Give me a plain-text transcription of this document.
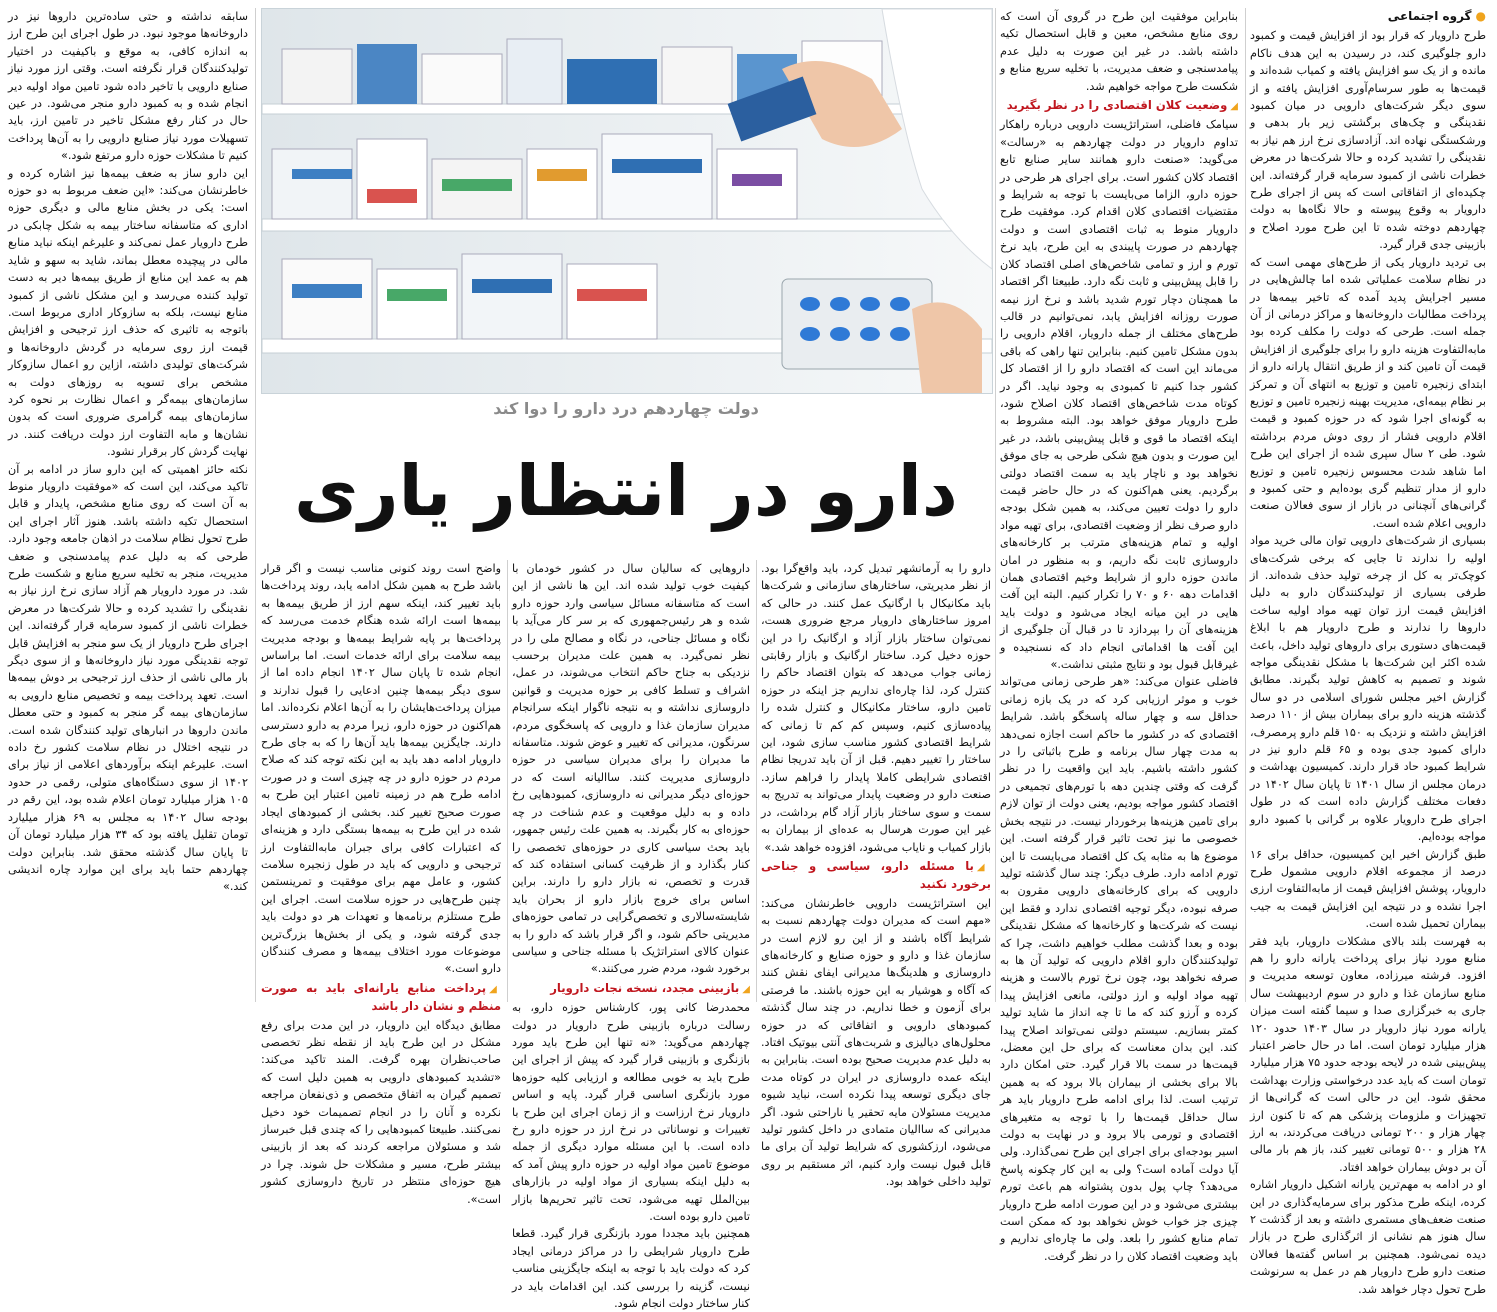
●گروه اجتماعی

طرح دارویار که قرار بود از افزایش قیمت و کمبود دارو جلوگیری کند، در رسیدن به این هدف ناکام مانده و از یک سو افزایش یافته و کمیاب شده‌اند و قیمت‌ها به طور سرسام‌آوری افزایش یافته و از سوی دیگر شرکت‌های دارویی در میان کمبود نقدینگی و چک‌های برگشتی زیر بار بدهی و ورشکستگی نهاده اند. آزادسازی نرخ ارز هم نیاز به نقدینگی را تشدید کرده و حالا شرکت‌ها در معرض خطرات ناشی از کمبود سرمایه قرار گرفته‌اند. این چکیده‌ای از اتفاقاتی است که پس از اجرای طرح دارویار به وقوع پیوسته و حالا نگاه‌ها به دولت چهاردهم دوخته شده تا این طرح مورد اصلاح و بازبینی جدی قرار گیرد.

بی تردید دارویار یکی از طرح‌های مهمی است که در نظام سلامت عملیاتی شده اما چالش‌هایی در مسیر اجرایش پدید آمده که تاخیر بیمه‌ها در پرداخت مطالبات داروخانه‌ها و مراکز درمانی از آن جمله است. طرحی که دولت را مکلف کرده بود مابه‌التفاوت هزینه دارو را برای جلوگیری از افزایش قیمت آن تامین کند و از طریق انتقال یارانه دارو از ابتدای زنجیره تامین و توزیع به انتهای آن و تمرکز بر نظام بیمه‌ای، مدیریت بهینه زنجیره تامین و توزیع به گونه‌ای اجرا شود که در حوزه کمبود و قیمت اقلام دارویی فشار از روی دوش مردم برداشته شود. طی ۲ سال سپری شده از اجرای این طرح اما شاهد شدت محسوس زنجیره تامین و توزیع دارو از مدار تنظیم گری بوده‌ایم و حتی کمبود و گرانی‌های آنچنانی در بازار از سوی فعالان صنعت دارویی اعلام شده است.

بسیاری از شرکت‌های دارویی توان مالی خرید مواد اولیه را ندارند تا جایی که برخی شرکت‌های کوچک‌تر به کل از چرخه تولید حذف شده‌اند. از طرفی بسیاری از تولیدکنندگان دارو به دلیل افزایش قیمت ارز توان تهیه مواد اولیه ساخت داروها را ندارند و طرح دارویار هم با ابلاغ قیمت‌های دستوری برای داروهای تولید داخل، باعث شده اکثر این شرکت‌ها با مشکل نقدینگی مواجه شوند و تصمیم به کاهش تولید بگیرند. مطابق گزارش اخیر مجلس شورای اسلامی در دو سال گذشته هزینه دارو برای بیماران بیش از ۱۱۰ درصد افزایش داشته و نزدیک به ۱۵۰ قلم دارو پرمصرف، دارای کمبود جدی بوده و ۶۵ قلم دارو نیز در شرایط کمبود حاد قرار دارند. کمیسیون بهداشت و درمان مجلس از سال ۱۴۰۱ تا پایان سال ۱۴۰۲ در دفعات مختلف گزارش داده است که در طول اجرای طرح دارویار علاوه بر گرانی با کمبود دارو مواجه بوده‌ایم.

طبق گزارش اخیر این کمیسیون، حداقل برای ۱۶ درصد از مجموعه اقلام دارویی مشمول طرح دارویار، پوشش افزایش قیمت از مابه‌التفاوت ارزی اجرا نشده و در نتیجه این افزایش قیمت به جیب بیماران تحمیل شده است.

به فهرست بلند بالای مشکلات دارویار، باید فقر منابع مورد نیاز برای پرداخت یارانه دارو را هم افزود. فرشته میرزاده، معاون توسعه مدیریت و منابع سازمان غذا و دارو در سوم اردیبهشت سال جاری به خبرگزاری صدا و سیما گفته است میزان یارانه مورد نیاز دارویار در سال ۱۴۰۳ حدود ۱۲۰ هزار میلیارد تومان است. اما در حال حاضر اعتبار پیش‌بینی شده در لایحه بودجه حدود ۷۵ هزار میلیارد تومان است که باید عدد درخواستی وزارت بهداشت محقق شود. این در حالی است که گرانی‌ها از تجهیزات و ملزومات پزشکی هم که تا کنون ارز چهار هزار و ۲۰۰ تومانی دریافت می‌کردند، به ارز ۲۸ هزار و ۵۰۰ تومانی تغییر کند، باز هم بار مالی آن بر دوش بیماران خواهد افتاد.

او در ادامه به مهم‌ترین یارانه اشکیل دارویار اشاره کرده، اینکه طرح مذکور برای سرمایه‌گذاری در این صنعت ضعف‌های مستمری داشته و بعد از گذشت ۲ سال هنوز هم نشانی از اثرگذاری طرح در بازار دیده نمی‌شود. همچنین بر اساس گفته‌ها فعالان صنعت دارو طرح دارویار هم در عمل به سرنوشت طرح تحول دچار خواهد شد.

بنابراین موفقیت این طرح در گروی آن است که روی منابع مشخص، معین و قابل استحصال تکیه داشته باشد. در غیر این صورت به دلیل عدم پیامدسنجی و ضعف مدیریت، با تخلیه سریع منابع و شکست طرح مواجه خواهیم شد.

◢وضعیت کلان اقتصادی را در نظر بگیرید

سیامک فاضلی، استراتژیست دارویی درباره راهکار تداوم دارویار در دولت چهاردهم به «رسالت» می‌گوید: «صنعت دارو همانند سایر صنایع تابع اقتصاد کلان کشور است. برای اجرای هر طرحی در حوزه دارو، الزاما می‌بایست با توجه به شرایط و مقتضیات اقتصادی کلان اقدام کرد. موفقیت طرح دارویار منوط به ثبات اقتصادی است و دولت چهاردهم در صورت پایبندی به این طرح، باید نرخ تورم و ارز و تمامی شاخص‌های اصلی اقتصاد کلان را قابل پیش‌بینی و ثابت نگه دارد. طبیعتا اگر اقتصاد ما همچنان دچار تورم شدید باشد و نرخ ارز نیمه صورت روزانه افزایش یابد، نمی‌توانیم در قالب طرح‌های مختلف از جمله دارویار، اقلام دارویی را بدون مشکل تامین کنیم. بنابراین تنها راهی که باقی می‌ماند این است که اقتصاد دارو را از اقتصاد کل کشور جدا کنیم تا کمبودی به وجود نیاید. اگر در کوتاه مدت شاخص‌های اقتصاد کلان اصلاح شود، طرح دارویار موفق خواهد بود. البته مشروط به اینکه اقتصاد ما قوی و قابل پیش‌بینی باشد، در غیر این صورت و بدون هیچ شکی طرحی به جای موفق نخواهد بود و ناچار باید به سمت اقتصاد دولتی برگردیم. یعنی هم‌اکنون که در حال حاضر قیمت دارو را دولت تعیین می‌کند، به همین شکل بودجه دارو صرف نظر از وضعیت اقتصادی، برای تهیه مواد اولیه و تمام هزینه‌های مترتب بر کارخانه‌های داروسازی ثابت نگه داریم، و به منظور در امان ماندن حوزه دارو از شرایط وخیم اقتصادی همان اقدامات دهه ۶۰ و ۷۰ را تکرار کنیم. البته این آفت هایی در این میانه ایجاد می‌شود و دولت باید هزینه‌های آن را بپردازد تا در قبال آن جلوگیری از این آفت ها اقداماتی انجام داد که نسنجیده و غیرقابل قبول بود و نتایج مثبتی نداشت.»

فاضلی عنوان می‌کند: «هر طرحی زمانی می‌تواند خوب و موثر ارزیابی کرد که در یک بازه زمانی حداقل سه و چهار ساله پاسخگو باشد. شرایط اقتصادی که در کشور ما حاکم است اجازه نمی‌دهد به مدت چهار سال برنامه و طرح باثباتی را در کشور داشته باشیم. باید این واقعیت را در نظر گرفت که وقتی چندین دهه با تورم‌های تجمیعی در اقتصاد کشور مواجه بودیم، یعنی دولت از توان لازم برای تامین هزینه‌ها برخوردار نیست. در نتیجه بخش خصوصی ما نیز تحت تاثیر قرار گرفته است. این موضوع ها به مثابه یک کل اقتصاد می‌بایست تا این تورم ادامه دارد. طرف دیگر: چند سال گذشته تولید دارویی که برای کارخانه‌های دارویی مقرون به صرفه نبوده، دیگر توجیه اقتصادی ندارد و فقط این نیست که شرکت‌ها و کارخانه‌ها که مشکل نقدینگی بوده و بعدا گذشت مطلب خواهیم داشت، چرا که تولیدکنندگان دارو اقلام دارویی که تولید آن ها به صرفه نخواهد بود، چون نرخ تورم بالاست و هزینه تهیه مواد اولیه و ارز دولتی، مانعی افزایش پیدا کرده و آرزو کند که ما تا چه انداز ما شاید تولید کمتر بسازیم. سیستم دولتی نمی‌تواند اصلاح پیدا کند. این بدان معناست که برای حل این معضل، قیمت‌ها در سمت بالا قرار گیرد. حتی امکان دارد بالا برای بخشی از بیماران بالا برود که به همین ترتیب است. لذا برای ادامه طرح دارویار باید هر سال حداقل قیمت‌ها را با توجه به متغیرهای اقتصادی و تورمی بالا برود و در نهایت به دولت اسیر بودجه‌ای برای اجرای این طرح نمی‌گذارد. ولی آیا دولت آماده است؟ ولی به این کار چکونه پاسخ می‌دهد؟ چاپ پول بدون پشتوانه هم باعث تورم بیشتری می‌شود و در این صورت ادامه طرح دارویار چیزی جز خواب خوش نخواهد بود که ممکن است تمام منابع کشور را بلعد. ولی ما چاره‌ای نداریم و باید وضعیت اقتصاد کلان را در نظر گرفت.

دولت چهاردهم درد دارو را دوا کند
دارو در انتظار یاری

دارو را به آرمانشهر تبدیل کرد، باید واقع‌گرا بود. از نظر مدیریتی، ساختارهای سازمانی و شرکت‌ها باید مکانیکال با ارگانیک عمل کنند. در حالی که امروز ساختارهای دارویار مرجع ضروری هست، نمی‌توان ساختار بازار آزاد و ارگانیک را در این حوزه دخیل کرد. ساختار ارگانیک و بازار رقابتی زمانی جواب می‌دهد که بتوان اقتصاد حاکم را کنترل کرد، لذا چاره‌ای نداریم جز اینکه در حوزه تامین دارو، ساختار مکانیکال و کنترل شده را پیاده‌سازی کنیم، وسپس کم کم تا زمانی که شرایط اقتصادی کشور مناسب سازی شود، این ساختار را تغییر دهیم. قبل از آن باید تدریجا نظام اقتصادی شرایطی کاملا پایدار را فراهم سازد. صنعت دارو در وضعیت پایدار می‌تواند به تدریج به سمت و سوی ساختار بازار آزاد گام برداشت، در غیر این صورت هرسال به عده‌ای از بیماران به بازار کمیاب و نایاب می‌شود، افزوده خواهد شد.»

◢با مسئله دارو، سیاسی و جناحی برخورد نکنید

این استراتژیست دارویی خاطرنشان می‌کند: «مهم است که مدیران دولت چهاردهم نسبت به شرایط آگاه باشند و از این رو لازم است در سازمان غذا و دارو و حوزه صنایع و کارخانه‌های داروسازی و هلدینگ‌ها مدیرانی ایفای نقش کنند که آگاه و هوشیار به این حوزه باشند. ما فرصتی برای آزمون و خطا نداریم. در چند سال گذشته کمبودهای دارویی و اتفاقاتی که در حوزه محلول‌های دیالیزی و شربت‌های آنتی بیوتیک افتاد. به دلیل عدم مدیریت صحیح بوده است. بنابراین به اینکه عمده داروسازی در ایران در کوتاه مدت جای دیگری توسعه پیدا نکرده است، نباید شیوه مدیریت مسئولان مایه تحقیر یا ناراحتی شود. اگر مدیرانی که ساالیان متمادی در داخل کشور تولید می‌شود، ارزکشوری که شرایط تولید آن برای ما قابل قبول نیست وارد کنیم، اثر مستقیم بر روی تولید داخلی خواهد بود.

داروهایی که سالیان سال در کشور خودمان با کیفیت خوب تولید شده اند. این ها ناشی از این است که متاسفانه مسائل سیاسی وارد حوزه دارو شده و هر رئیس‌جمهوری که بر سر کار می‌آید با نگاه و مسائل جناحی، در نگاه و مصالح ملی را در نظر نمی‌گیرد. به همین علت مدیران برحسب نزدیکی به جناح حاکم انتخاب می‌شوند، در عمل، اشراف و تسلط کافی بر حوزه مدیریت و قوانین داروسازی نداشته و به نتیجه ناگوار اینکه سرانجام مدیران سازمان غذا و دارویی که پاسخگوی مردم، سرنگون، مدیرانی که تغییر و عوض شوند. متاسفانه ما مدیران را برای مدیران سیاسی در حوزه داروسازی مدیریت کنند. ساالیانه است که در حوزه‌ای دیگر مدیرانی نه داروسازی، کمبودهایی رخ داده و به دلیل موقعیت و عدم شناخت در چه حوزه‌ای به کار بگیرند. به همین علت رئیس جمهور، باید بحث سیاسی کاری در حوزه‌های تخصصی را کنار بگذارد و از ظرفیت کسانی استفاده کند که قدرت و تخصص، نه بازار دارو را دارند. براین اساس برای خروج بازار دارو از بحران باید شایسته‌سالاری و تخصص‌گرایی در تمامی حوزه‌های مدیریتی حاکم شود، و اگر قرار باشد که دارو را به عنوان کالای استراتژیک با مسئله جناحی و سیاسی برخورد شود، مردم ضرر می‌کنند.»

◢بازبینی مجدد، نسخه نجات دارویار

محمدرضا کانی پور، کارشناس حوزه دارو، به رسالت درباره بازبینی طرح دارویار در دولت چهاردهم می‌گوید: «نه تنها این طرح باید مورد بازنگری و بازبینی قرار گیرد که پیش از اجرای این طرح باید به خوبی مطالعه و ارزیابی کلیه حوزه‌ها مورد بازنگری اساسی قرار گیرد. پایه و اساس دارویار نرخ ارزاست و از زمان اجرای این طرح با تغییرات و نوساناتی در نرخ ارز در حوزه دارو رخ داده است. با این مسئله موارد دیگری از جمله موضوع تامین مواد اولیه در حوزه دارو پیش آمد که به دلیل اینکه بسیاری از مواد اولیه در بازارهای بین‌الملل تهیه می‌شود، تحت تاثیر تحریم‌ها بازار تامین دارو بوده است.

همچنین باید مجددا مورد بازنگری قرار گیرد. قطعا طرح دارویار شرایطی را در مراکز درمانی ایجاد کرد که دولت باید با توجه به اینکه جایگزینی مناسب نیست، گزینه را بررسی کند. این اقدامات باید در کنار ساختار دولت انجام شود.

واضح است روند کنونی مناسب نیست و اگر قرار باشد طرح به همین شکل ادامه یابد، روند پرداخت‌ها باید تغییر کند، اینکه سهم ارز از طریق بیمه‌ها به بیمه‌ها است ارائه شده هنگام خدمت می‌رسد که پرداخت‌ها بر پایه شرایط بیمه‌ها و بودجه مدیریت بیمه سلامت برای ارائه خدمات است. اما براساس انجام شده تا پایان سال ۱۴۰۲ انجام داده اما از سوی دیگر بیمه‌ها چنین ادعایی را قبول ندارند و میزان پرداخت‌هایشان را به آن‌ها اعلام نکرده‌اند. اما هم‌اکنون در حوزه دارو، زیرا مردم به دارو دسترسی دارند. جایگزین بیمه‌ها باید آن‌ها را که به جای طرح دارویار ادامه دهد باید به این نکته توجه کند که صلاح مردم در حوزه دارو در چه چیزی است و در صورت ادامه طرح هم در زمینه تامین اعتبار این طرح به صورت صحیح تغییر کند. بخشی از کمبودهای ایجاد شده در این طرح به بیمه‌ها بستگی دارد و هزینه‌ای که اعتبارات کافی برای جبران مابه‌التفاوت ارز ترجیحی و دارویی که باید در طول زنجیره سلامت کشور، و عامل مهم برای موفقیت و تمرینستمن چنین طرح‌هایی در حوزه سلامت است. اجرای این طرح مستلزم برنامه‌ها و تعهدات هر دو دولت باید جدی گرفته شود، و یکی از بخش‌ها بزرگ‌ترین موضوعات مورد اختلاف بیمه‌ها و مصرف کنندگان دارو است.»

◢پرداخت منابع یارانه‌ای باید به صورت منظم و نشان دار باشد

مطابق دیدگاه این دارویار، در این مدت برای رفع مشکل در این طرح باید از نقطه نظر تخصصی صاحب‌نظران بهره گرفت. المند تاکید می‌کند: «تشدید کمبودهای دارویی به همین دلیل است که تصمیم گیران به اتفاق متخصص و ذی‌نفعان مراجعه نکرده و آنان را در انجام تصمیمات خود دخیل نمی‌کنند. طبیعتا کمبودهایی را که چندی قبل خبرساز شد و مسئولان مراجعه کردند که بعد از بازبینی بیشتر طرح، مسیر و مشکلات حل شوند. چرا در هیچ حوزه‌ای منتظر در تاریخ داروسازی کشور است».

سابقه نداشته و حتی ساده‌ترین داروها نیز در داروخانه‌ها موجود نبود. در طول اجرای این طرح ارز به اندازه کافی، به موقع و باکیفیت در اختیار تولیدکنندگان قرار نگرفته است. وقتی ارز مورد نیاز صنایع دارویی با تاخیر داده شود تامین مواد اولیه دیر انجام شده و به کمبود دارو منجر می‌شود. در عین حال در کنار رفع مشکل تاخیر در تامین ارز، باید تسهیلات مورد نیاز صنایع دارویی را به آن‌ها پرداخت کنیم تا مشکلات حوزه دارو مرتفع شود.»

این دارو ساز به ضعف بیمه‌ها نیز اشاره کرده و خاطرنشان می‌کند: «این ضعف مربوط به دو حوزه است: یکی در بخش منابع مالی و دیگری حوزه اداری که متاسفانه ساختار بیمه به شکل چابکی در طرح دارویار عمل نمی‌کند و علیرغم اینکه نباید منابع مالی در پیچیده معطل بماند، شاید به سهو و شاید هم به عمد این منابع از طریق بیمه‌ها دیر به دست تولید کننده می‌رسد و این مشکل ناشی از کمبود منابع نیست، بلکه به سازوکار اداری مربوط است. باتوجه به تاثیری که حذف ارز ترجیحی و افزایش قیمت ارز روی سرمایه در گردش داروخانه‌ها و شرکت‌های تولیدی داشته، ازاین رو اعمال سازوکار مشخص برای تسویه به روزهای دولت به سازمان‌های بیمه‌گر و اعمال نظارت بر نحوه کرد سازمان‌های بیمه گرامری ضروری است که بدون نشان‌ها و مابه التفاوت ارز دولت دریافت کنند. در نهایت گردش کار برقرار نشود.

نکته حائز اهمیتی که این دارو ساز در ادامه بر آن تاکید می‌کند، این است که «موفقیت دارویار منوط به آن است که روی منابع مشخص، پایدار و قابل استحصال تکیه داشته باشد. هنوز آثار اجرای این طرح تحول نظام سلامت در اذهان جامعه وجود دارد. طرحی که به دلیل عدم پیامدسنجی و ضعف مدیریت، منجر به تخلیه سریع منابع و شکست طرح شد. در مورد دارویار هم آزاد سازی نرخ ارز نیاز به نقدینگی را تشدید کرده و حالا شرکت‌ها در معرض خطرات ناشی از کمبود سرمایه قرار گرفته‌اند. این اجرای طرح دارویار از یک سو منجر به افزایش قابل توجه نقدینگی مورد نیاز داروخانه‌ها و از سوی دیگر بار مالی ناشی از حذف ارز ترجیحی بر دوش بیمه‌ها است. تعهد پرداخت بیمه و تخصیص منابع دارویی به سازمان‌های بیمه گر منجر به کمبود و حتی معطل ماندن داروها در انبارهای تولید کنندگان شده است. در نتیجه اختلال در نظام سلامت کشور رخ داده است. علیرغم اینکه برآوردهای اعلامی از نیاز برای ۱۴۰۲ از سوی دستگاه‌های متولی، رقمی در حدود ۱۰۵ هزار میلیارد تومان اعلام شده بود، این رقم در بودجه سال ۱۴۰۲ به مجلس به ۶۹ هزار میلیارد تومان تقلیل یافته بود که ۳۴ هزار میلیارد تومان آن تا پایان سال گذشته محقق شد. بنابراین دولت چهاردهم حتما باید برای این موارد چاره اندیشی کند.»
